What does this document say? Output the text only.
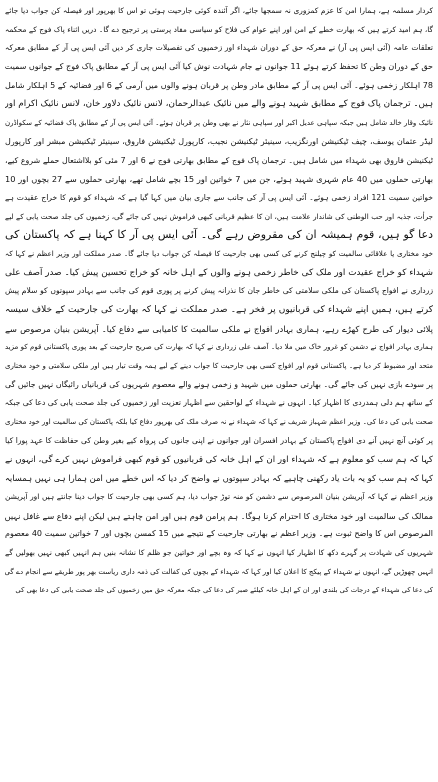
کردار مسلمہ ہے، ہمارا امن کا عزم کمزوری نہ سمجھا جائے، اگر آئندہ کوئی جارحیت ہوئی تو اس کا بھرپور اور فیصلہ کن جواب دیا جائے
گا، ہم امید کرتے ہیں کہ بھارت خطے کے امن اور اپنے عوام کی فلاح کو سیاسی مفاد پرستی پر ترجیح دے گا۔ دریں اثناء پاک فوج کے محکمہ
تعلقات عامہ (آئی ایس پی آر) نے معرکہ حق کے دوران شہداء اور زخمیوں کی تفصیلات جاری کر دیں آئی ایس پی آر کے مطابق معرکہ
حق کے دوران وطن کا تحفظ کرتے ہوئے 11 جوانوں نے جام شہادت نوش کیا آئی ایس پی آر کے مطابق پاک فوج کے جوانوں سمیت
78 اہلکار زخمی ہوئے۔ آئی ایس پی آر کے مطابق مادر وطن پر قربان ہونے والوں میں آرمی کے 6 اور فضائیہ کے 5 اہلکار شامل
ہیں۔ ترجمان پاک فوج کے مطابق شہید ہونے والے میں نائیک عبدالرحمان، لانس نائیک دلاور خان، لانس نائیک اکرام اور
نائیک وقار خالد شامل ہیں جبکہ سپاہی عدیل اکبر اور سپاہی نثار نے بھی وطن پر قربان ہوئے۔ آئی ایس پی آر کے مطابق پاک فضائیہ کے سکواڈرن
لیڈر عثمان یوسف، چیف ٹیکنیشن اورنگزیب، سینیئر ٹیکنیشن نجیب، کارپورل ٹیکنیشن فاروق، سینیئر ٹیکنیشن مبشر اور کارپورل
ٹیکنیشن فاروق بھی شہداء میں شامل ہیں۔ ترجمان پاک فوج کے مطابق بھارتی فوج نے 6 اور 7 مئی کو بلااشتعال حملے شروع کیے،
بھارتی حملوں میں 40 عام شہری شہید ہوئے، جن میں 7 خواتین اور 15 بچے شامل تھے، بھارتی حملوں سے 27 بچوں اور 10
خواتین سمیت 121 افراد زخمی ہوئے۔ آئی ایس پی آر کی جانب سے جاری بیان میں کہا گیا ہے کہ شہداء کو قوم کا خراج عقیدت ہے
جرأت، جذبہ اور حب الوطنی کی شاندار علامت ہیں، ان کا عظیم قربانی کبھی فراموش نہیں کی جائے گی، زخمیوں کی جلد صحت یابی کے لیے
دعا گو ہیں، قوم ہمیشہ ان کی مقروض رہے گی۔ آئی ایس پی آر کا کہنا ہے کہ پاکستان کی
خود مختاری یا علاقائی سالمیت کو چیلنج کرنے کی کسی بھی جارحیت کا فیصلہ کن جواب دیا جائے گا۔ صدر مملکت اور وزیر اعظم نے کہا کہ
شہداء کو خراج عقیدت اور ملک کی خاطر زخمی ہونے والوں کے اہل خانہ کو خراج تحسین پیش کیا۔ صدر آصف علی
زرداری نے افواج پاکستان کی ملکی سلامتی کی خاطر جان کا نذرانہ پیش کرنے پر پوری قوم کی جانب سے بہادر سپوتوں کو سلام پیش
کرتے ہیں، ہمیں اپنے شہداء کی قربانیوں پر فخر ہے۔ صدر مملکت نے کہا کہ بھارت کی جارحیت کے خلاف سیسہ
پلائی دیوار کی طرح کھڑے رہے، ہماری بہادر افواج نے ملکی سالمیت کا کامیابی سے دفاع کیا۔ آپریشن بنیان مرصوص سے
ہماری بہادر افواج نے دشمن کو غرور خاک میں ملا دیا۔ آصف علی زرداری نے کہا کہ بھارت کی صریح جارحیت کے بعد پوری پاکستانی قوم کو مزید
متحد اور مضبوط کر دیا ہے۔ پاکستانی قوم اور افواج کسی بھی جارحیت کا جواب دینے کے لیے ہمہ وقت تیار ہیں اور ملکی سلامتی و خود مختاری
پر سودے بازی نہیں کی جائے گی۔ بھارتی حملوں میں شہید و زخمی ہونے والے معصوم شہریوں کی قربانیاں رائیگاں نہیں جائیں گی
کے ساتھ ہم دلی ہمدردی کا اظہار کیا۔ انہوں نے شہداء کے لواحقین سے اظہار تعزیت اور زخمیوں کی جلد صحت یابی کی دعا کی جبکہ
صحت یابی کی دعا کی۔ وزیر اعظم شہباز شریف نے کہا کہ شہداء نے نہ صرف ملک کی بھرپور دفاع کیا بلکہ پاکستان کی سالمیت اور خود مختاری
پر کوئی آنچ نہیں آنے دی افواج پاکستان کے بہادر افسران اور جوانوں نے اپنی جانوں کی پرواہ کیے بغیر وطن کی حفاظت کا عہد پورا کیا
کہا کہ ہم سب کو معلوم ہے کہ شہداء اور ان کے اہل خانہ کی قربانیوں کو قوم کبھی فراموش نہیں کرے گی، انہوں نے
کہا کہ ہم سب کو یہ بات یاد رکھنی چاہیے کہ بہادر سپوتوں نے واضح کر دیا کہ اس خطے میں امن ہمارا ہی نہیں ہمسایہ
وزیر اعظم نے کہا کہ آپریشن بنیان المرصوص سے دشمن کو منہ توڑ جواب دیا، ہم کسی بھی جارحیت کا جواب دینا جانتے ہیں اور آپریشن
ممالک کی سالمیت اور خود مختاری کا احترام کرنا ہوگا۔ ہم پرامن قوم ہیں اور امن چاہتے ہیں لیکن اپنے دفاع سے غافل نہیں
المرصوص اس کا واضح ثبوت ہے۔ وزیر اعظم نے بھارتی جارحیت کے نتیجے میں 15 کمسن بچوں اور 7 خواتین سمیت 40 معصوم
شہریوں کی شہادت پر گہرے دکھ کا اظہار کیا انہوں نے کہا کہ وہ بچے اور خواتین جو ظلم کا نشانہ بنیں ہم انہیں کبھی نہیں بھولیں گے
انہیں چھوڑیں گے، انہوں نے شہداء کے پیکج کا اعلان کیا اور کہا کہ شہداء کے بچوں کی کفالت کی ذمہ داری ریاست بھر پور طریقے سے انجام دے گی
کی دعا کی شہداء کے درجات کی بلندی اور ان کے اہل خانہ کیلئے صبر کی دعا کی جبکہ معرکہ حق میں زخمیوں کی جلد صحت یابی کی دعا بھی کی
